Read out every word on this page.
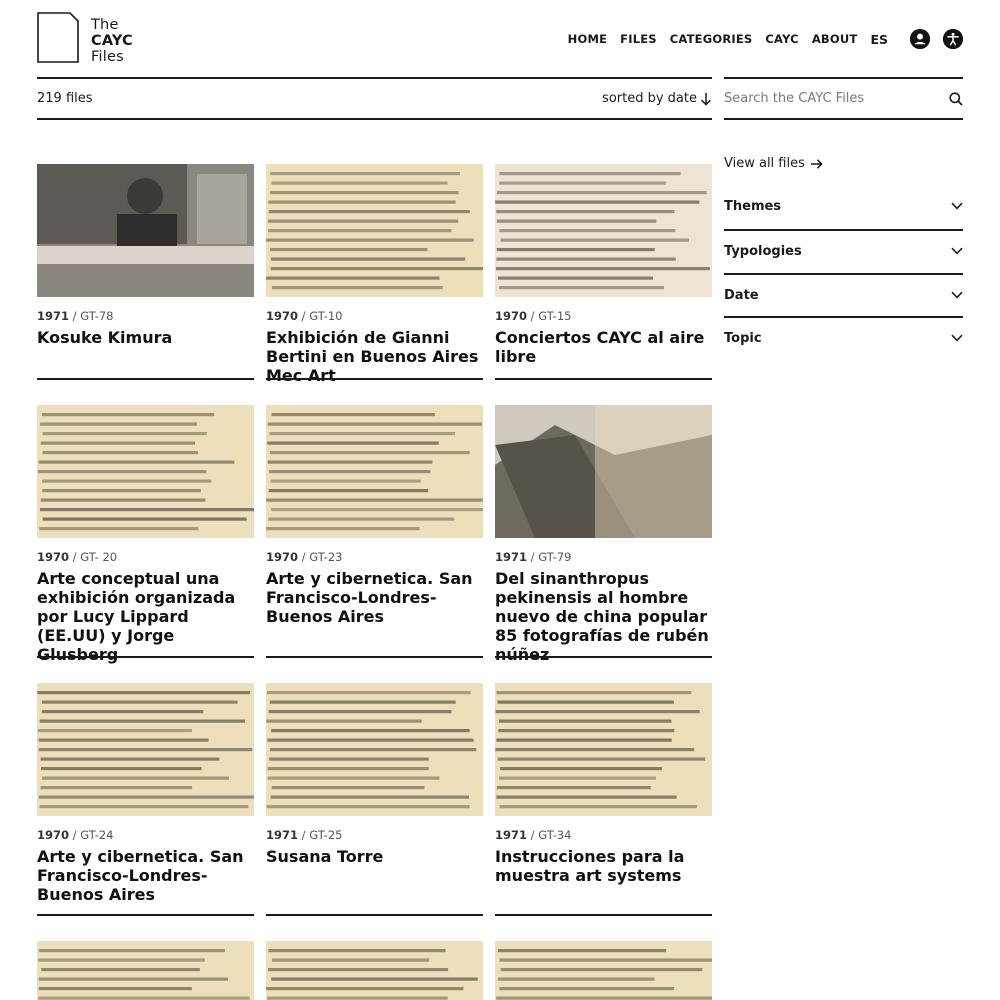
The
CAYC
Files
HOME FILES CATEGORIES CAYC ABOUT ES
219 files	sorted by date
Search the CAYC Files
View all files
Themes
Typologies
Date
Topic
1971 / GT-78
Kosuke Kimura
1970 / GT-10
Exhibición de Gianni Bertini en Buenos Aires Mec Art
1970 / GT-15
Conciertos CAYC al aire libre
1970 / GT- 20
Arte conceptual una exhibición organizada por Lucy Lippard (EE.UU) y Jorge Glusberg
1970 / GT-23
Arte y cibernetica. San Francisco-Londres-Buenos Aires
1971 / GT-79
Del sinanthropus pekinensis al hombre nuevo de china popular 85 fotografías de rubén núñez
1970 / GT-24
Arte y cibernetica. San Francisco-Londres-Buenos Aires
1971 / GT-25
Susana Torre
1971 / GT-34
Instrucciones para la muestra art systems
